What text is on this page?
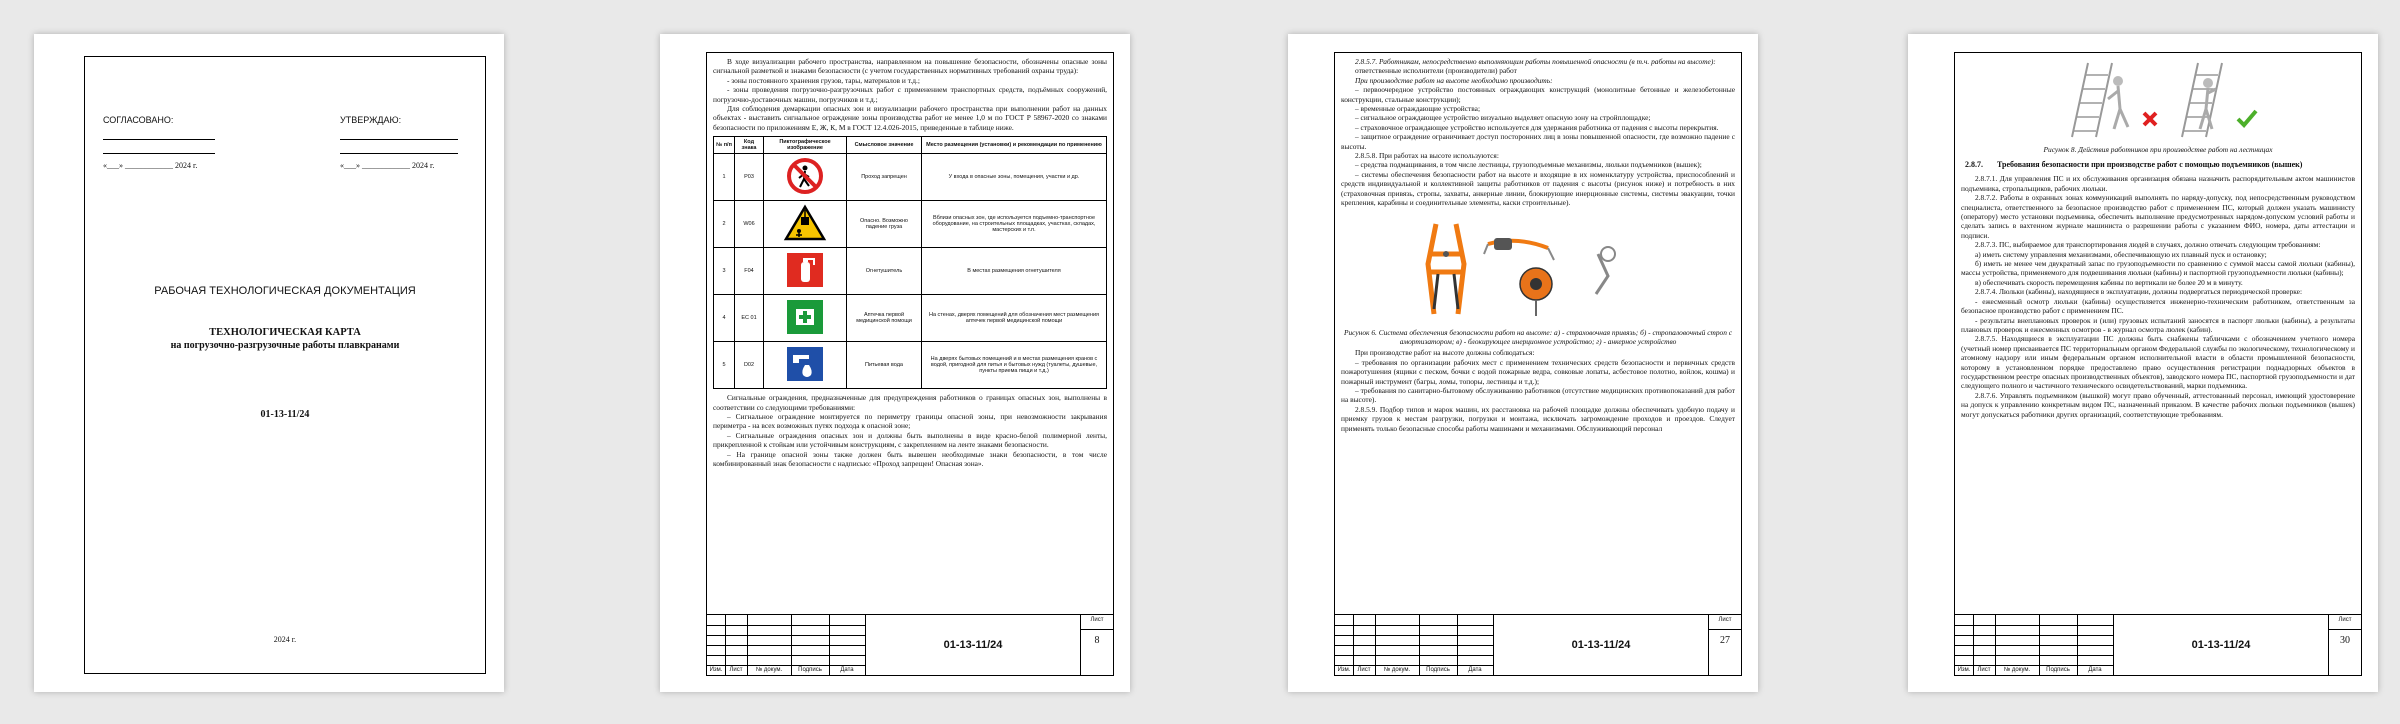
СОГЛАСОВАНО:
«___» ____________ 2024 г.
УТВЕРЖДАЮ:
«___» ____________ 2024 г.
РАБОЧАЯ ТЕХНОЛОГИЧЕСКАЯ ДОКУМЕНТАЦИЯ
ТЕХНОЛОГИЧЕСКАЯ КАРТА
на погрузочно-разгрузочные работы плавкранами
01-13-11/24
2024 г.

В ходе визуализации рабочего пространства, направленном на повышение безопасности, обозначены опасные зоны сигнальной разметкой и знаками безопасности (с учетом государственных нормативных требований охраны труда):

- зоны постоянного хранения грузов, тары, материалов и т.д.;

- зоны проведения погрузочно-разгрузочных работ с применением транспортных средств, подъёмных сооружений, погрузочно-доставочных машин, погрузчиков и т.д.;

Для соблюдения демаркации опасных зон и визуализации рабочего пространства при выполнении работ на данных объектах - выставить сигнальное ограждение зоны производства работ не менее 1,0 м по ГОСТ Р 58967-2020 со знаками безопасности по приложениям Е, Ж, К, М в ГОСТ 12.4.026-2015, приведенные в таблице ниже.

№ п/п	Код знака	Пиктографическое изображение	Смысловое значение	Место размещения (установки) и рекомендации по применению
1	Р03		Проход запрещен	У входа в опасные зоны, помещения, участки и др.
2	W06		Опасно. Возможно падение груза	Вблизи опасных зон, где используется подъемно-транспортное оборудование, на строительных площадках, участках, складах, мастерских и т.п.
3	F04		Огнетушитель	В местах размещения огнетушителя
4	ЕС 01		Аптечка первой медицинской помощи	На стенах, дверях помещений для обозначения мест размещения аптечек первой медицинской помощи
5	D02		Питьевая вода	На дверях бытовых помещений и в местах размещения кранов с водой, пригодной для питья и бытовых нужд (туалеты, душевые, пункты приема пищи и т.д.)

Сигнальные ограждения, предназначенные для предупреждения работников о границах опасных зон, выполнены в соответствии со следующими требованиями:

– Сигнальное ограждение монтируется по периметру границы опасной зоны, при невозможности закрывания периметра - на всех возможных путях подхода к опасной зоне;

– Сигнальные ограждения опасных зон и должны быть выполнены в виде красно-белой полимерной ленты, прикрепленной к стойкам или устойчивым конструкциям, с закреплением на ленте знаками безопасности.

– На границе опасной зоны также должен быть вывешен необходимые знаки безопасности, в том числе комбинированный знак безопасности с надписью: «Проход запрещен! Опасная зона».

Изм.	Лист	№ докум.	Подпись	Дата
01-13-11/24
Лист
8

2.8.5.7. Работникам, непосредственно выполняющим работы повышенной опасности (в т.ч. работы на высоте):

ответственные исполнители (производители) работ

При производстве работ на высоте необходимо производить:

– первоочередное устройство постоянных ограждающих конструкций (монолитные бетонные и железобетонные конструкции, стальные конструкции);

– временные ограждающие устройства;

– сигнальное ограждающее устройство визуально выделяет опасную зону на стройплощадке;

– страховочное ограждающее устройство используется для удержания работника от падения с высоты перекрытия.

– защитное ограждение ограничивает доступ посторонних лиц в зоны повышенной опасности, где возможно падение с высоты.

2.8.5.8. При работах на высоте используются:

– средства подмащивания, в том числе лестницы, грузоподъемные механизмы, люльки подъемников (вышек);

– системы обеспечения безопасности работ на высоте и входящие в их номенклатуру устройства, приспособлений и средств индивидуальной и коллективной защиты работников от падения с высоты (рисунок ниже) и потребность в них (страховочная привязь, стропы, захваты, анкерные линии, блокирующие инерционные системы, системы эвакуации, точки крепления, карабины и соединительные элементы, каски строительные).

Рисунок 6. Система обеспечения безопасности работ на высоте: а) - страховочная привязь; б) - стропаловочный строп с амортизатором; в) - блокирующее инерционное устройство; г) - анкерное устройство

При производстве работ на высоте должны соблюдаться:

– требования по организации рабочих мест с применением технических средств безопасности и первичных средств пожаротушения (ящики с песком, бочки с водой пожарные ведра, совковые лопаты, асбестовое полотно, войлок, кошма) и пожарный инструмент (багры, ломы, топоры, лестницы и т.д.);

– требования по санитарно-бытовому обслуживанию работников (отсутствие медицинских противопоказаний для работ на высоте).

2.8.5.9. Подбор типов и марок машин, их расстановка на рабочей площадке должны обеспечивать удобную подачу и приемку грузов к местам разгрузки, погрузки и монтажа, исключать загромождение проходов и проездов. Следует применять только безопасные способы работы машинами и механизмами. Обслуживающий персонал

Изм.	Лист	№ докум.	Подпись	Дата
01-13-11/24
Лист
27

Рисунок 8. Действия работников при производстве работ на лестницах

2.8.7. Требования безопасности при производстве работ с помощью подъемников (вышек)

2.8.7.1. Для управления ПС и их обслуживания организация обязана назначить распорядительным актом машинистов подъемника, стропальщиков, рабочих люльки.

2.8.7.2. Работы в охранных зонах коммуникаций выполнять по наряду-допуску, под непосредственным руководством специалиста, ответственного за безопасное производство работ с применением ПС, который должен указать машинисту (оператору) место установки подъемника, обеспечить выполнение предусмотренных нарядом-допуском условий работы и сделать запись в вахтенном журнале машиниста о разрешении работы с указанием ФИО, номера, даты аттестации и подписи.

2.8.7.3. ПС, выбираемое для транспортирования людей в случаях, должно отвечать следующим требованиям:

а) иметь систему управления механизмами, обеспечивающую их плавный пуск и остановку;

б) иметь не менее чем двукратный запас по грузоподъемности по сравнению с суммой массы самой люльки (кабины), массы устройства, применяемого для подвешивания люльки (кабины) и паспортной грузоподъемности люльки (кабины);

в) обеспечивать скорость перемещения кабины по вертикали не более 20 м в минуту.

2.8.7.4. Люльки (кабины), находящиеся в эксплуатации, должны подвергаться периодической проверке:

- ежесменный осмотр люльки (кабины) осуществляется инженерно-техническим работником, ответственным за безопасное производство работ с применением ПС.

- результаты внеплановых проверок и (или) грузовых испытаний заносятся в паспорт люльки (кабины), а результаты плановых проверок и ежесменных осмотров - в журнал осмотра люлек (кабин).

2.8.7.5. Находящиеся в эксплуатации ПС должны быть снабжены табличками с обозначением учетного номера (учетный номер присваивается ПС территориальным органом Федеральной службы по экологическому, технологическому и атомному надзору или иным федеральным органом исполнительной власти в области промышленной безопасности, которому в установленном порядке предоставлено право осуществления регистрации поднадзорных объектов в государственном реестре опасных производственных объектов), заводского номера ПС, паспортной грузоподъемности и дат следующего полного и частичного технического освидетельствований, марки подъемника.

2.8.7.6. Управлять подъемником (вышкой) могут право обученный, аттестованный персонал, имеющий удостоверение на допуск к управлению конкретным видом ПС, назначенный приказом. В качестве рабочих люльки подъемников (вышек) могут допускаться работники других организаций, соответствующие требованиям.

Изм.	Лист	№ докум.	Подпись	Дата
01-13-11/24
Лист
30
